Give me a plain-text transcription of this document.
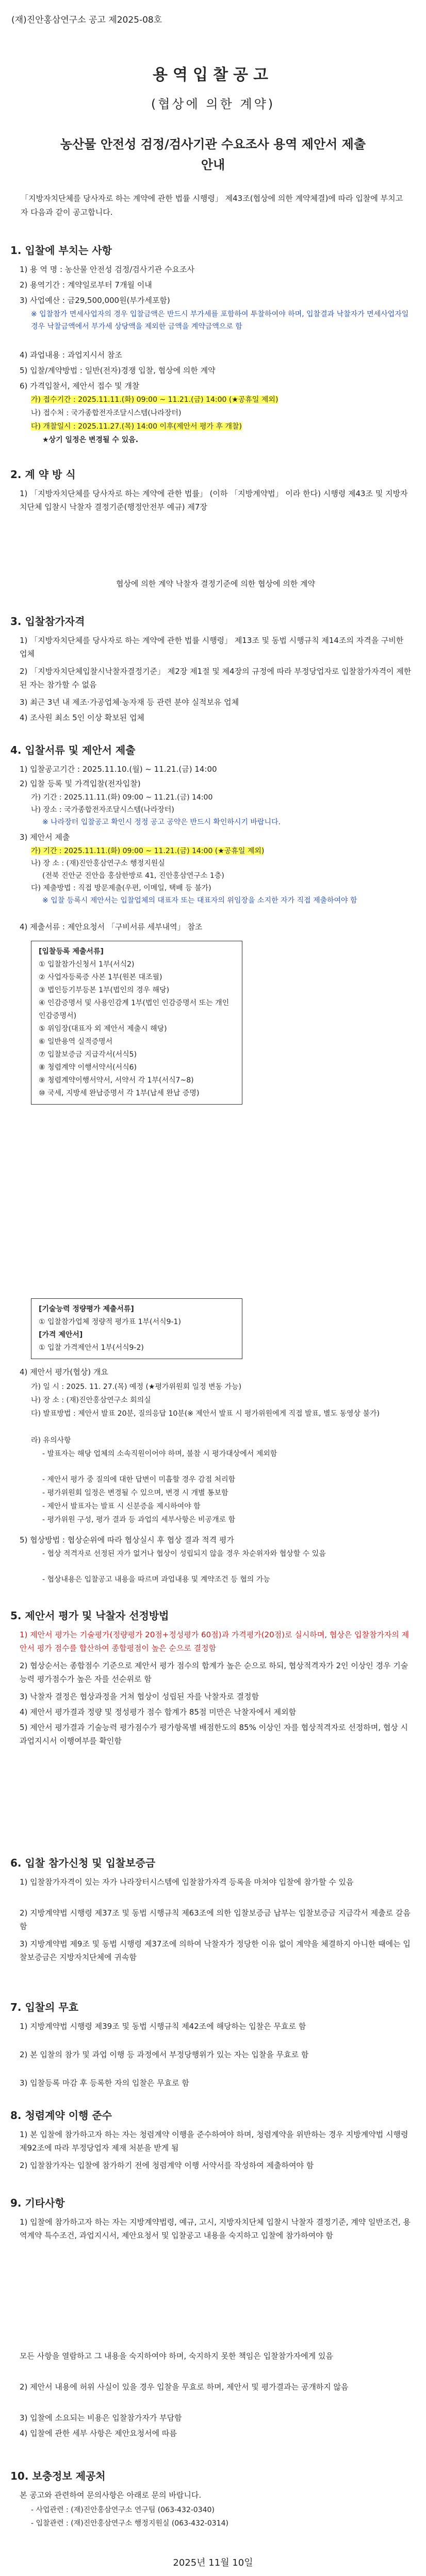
(재)진안홍삼연구소 공고 제2025-08호
용역입찰공고
(협상에 의한 계약)
농산물 안전성 검정/검사기관 수요조사 용역 제안서 제출
안내
「지방자치단체를 당사자로 하는 계약에 관한 법률 시행령」 제43조(협상에 의한 계약체결)에 따라 입찰에 부치고자 다음과 같이 공고합니다.
1. 입찰에 부치는 사항
1) 용 역 명 : 농산물 안전성 검정/검사기관 수요조사
2) 용역기간 : 계약일로부터 7개월 이내
3) 사업예산 : 금29,500,000원(부가세포함)
※ 입찰참가 면세사업자의 경우 입찰금액은 반드시 부가세를 포함하여 투찰하여야 하며, 입찰결과 낙찰자가 면세사업자일 경우 낙찰금액에서 부가세 상당액을 제외한 금액을 계약금액으로 함
4) 과업내용 : 과업지시서 참조
5) 입찰/계약방법 : 일반(전자)경쟁 입찰, 협상에 의한 계약
6) 가격입찰서, 제안서 접수 및 개찰
가) 접수기간 : 2025.11.11.(화) 09:00 ~ 11.21.(금) 14:00 (★공휴일 제외)
나) 접수처 : 국가종합전자조달시스템(나라장터)
다) 개찰일시 : 2025.11.27.(목) 14:00 이후(제안서 평가 후 개찰)
★상기 일정은 변경될 수 있음.
2. 계 약 방 식
1) 「지방자치단체를 당사자로 하는 계약에 관한 법률」 (이하 「지방계약법」 이라 한다) 시행령 제43조 및 지방자치단체 입찰시 낙찰자 결정기준(행정안전부 예규) 제7장
협상에 의한 계약 낙찰자 결정기준에 의한 협상에 의한 계약
3. 입찰참가자격
1) 「지방자치단체를 당사자로 하는 계약에 관한 법률 시행령」 제13조 및 동법 시행규칙 제14조의 자격을 구비한 업체
2) 「지방자치단체입찰시낙찰자결정기준」 제2장 제1절 및 제4장의 규정에 따라 부정당업자로 입찰참가자격이 제한된 자는 참가할 수 없음
3) 최근 3년 내 제조·가공업체·농자재 등 관련 분야 실적보유 업체
4) 조사원 최소 5인 이상 확보된 업체
4. 입찰서류 및 제안서 제출
1) 입찰공고기간 : 2025.11.10.(월) ~ 11.21.(금) 14:00
2) 입찰 등록 및 가격입찰(전자입찰)
가) 기간 : 2025.11.11.(화) 09:00 ~ 11.21.(금) 14:00
나) 장소 : 국가종합전자조달시스템(나라장터)
※ 나라장터 입찰공고 확인시 정정 공고 공약은 반드시 확인하시기 바랍니다.
3) 제안서 제출
가) 기간 : 2025.11.11.(화) 09:00 ~ 11.21.(금) 14:00 (★공휴일 제외)
나) 장 소 : (재)진안홍삼연구소 행정지원실
(전북 진안군 진안읍 홍삼한방로 41, 진안홍삼연구소 1층)
다) 제출방법 : 직접 방문제출(우편, 이메일, 택배 등 불가)
※ 입찰 등록시 제안서는 입찰업체의 대표자 또는 대표자의 위임장을 소지한 자가 직접 제출하여야 함
4) 제출서류 : 제안요청서 「구비서류 세부내역」 참조
[입찰등록 제출서류]
① 입찰참가신청서 1부(서식2)
② 사업자등록증 사본 1부(원본 대조필)
③ 법인등기부등본 1부(법인의 경우 해당)
④ 인감증명서 및 사용인감계 1부(법인 인감증명서 또는 개인인감증명서)
⑤ 위임장(대표자 외 제안서 제출시 해당)
⑥ 일반용역 실적증명서
⑦ 입찰보증금 지급각서(서식5)
⑧ 청렴계약 이행서약서(서식6)
⑨ 청렴계약이행서약서, 서약서 각 1부(서식7~8)
⑩ 국세, 지방세 완납증명서 각 1부(납세 완납 증명)
[기술능력 정량평가 제출서류]
① 입찰참가업체 정량적 평가표 1부(서식9-1)
[가격 제안서]
① 입찰 가격제안서 1부(서식9-2)
4) 제안서 평가(협상) 개요
가) 일 시 : 2025. 11. 27.(목) 예정 (★평가위원회 일정 변동 가능)
나) 장 소 : (재)진안홍삼연구소 회의실
다) 발표방법 : 제안서 발표 20분, 질의응답 10분(※ 제안서 발표 시 평가위원에게 직접 발표, 별도 동영상 불가)
라) 유의사항
- 발표자는 해당 업체의 소속직원이어야 하며, 불참 시 평가대상에서 제외함
- 제안서 평가 중 질의에 대한 답변이 미흡할 경우 감점 처리함
- 평가위원회 일정은 변경될 수 있으며, 변경 시 개별 통보함
- 제안서 발표자는 발표 시 신분증을 제시하여야 함
- 평가위원 구성, 평가 결과 등 과업의 세부사항은 비공개로 함
5) 협상방법 : 협상순위에 따라 협상실시 후 협상 결과 적격 평가
- 협상 적격자로 선정된 자가 없거나 협상이 성립되지 않을 경우 차순위자와 협상할 수 있음
- 협상내용은 입찰공고 내용을 따르며 과업내용 및 계약조건 등 협의 가능
5. 제안서 평가 및 낙찰자 선정방법
1) 제안서 평가는 기술평가(정량평가 20점+정성평가 60점)과 가격평가(20점)로 실시하며, 협상은 입찰참가자의 제안서 평가 점수를 합산하여 종합평점이 높은 순으로 결정함
2) 협상순서는 종합점수 기준으로 제안서 평가 점수의 합계가 높은 순으로 하되, 협상적격자가 2인 이상인 경우 기술능력 평가점수가 높은 자를 선순위로 함
3) 낙찰자 결정은 협상과정을 거쳐 협상이 성립된 자를 낙찰자로 결정함
4) 제안서 평가결과 정량 및 정성평가 점수 합계가 85점 미만은 낙찰자에서 제외함
5) 제안서 평가결과 기술능력 평가점수가 평가항목별 배점한도의 85% 이상인 자를 협상적격자로 선정하며, 협상 시 과업지시서 이행여부를 확인함
6. 입찰 참가신청 및 입찰보증금
1) 입찰참가자격이 있는 자가 나라장터시스템에 입찰참가자격 등록을 마쳐야 입찰에 참가할 수 있음
2) 지방계약법 시행령 제37조 및 동법 시행규칙 제63조에 의한 입찰보증금 납부는 입찰보증금 지급각서 제출로 갈음함
3) 지방계약법 제9조 및 동법 시행령 제37조에 의하여 낙찰자가 정당한 이유 없이 계약을 체결하지 아니한 때에는 입찰보증금은 지방자치단체에 귀속함
7. 입찰의 무효
1) 지방계약법 시행령 제39조 및 동법 시행규칙 제42조에 해당하는 입찰은 무효로 함
2) 본 입찰의 참가 및 과업 이행 등 과정에서 부정당행위가 있는 자는 입찰을 무효로 함
3) 입찰등록 마감 후 등록한 자의 입찰은 무효로 함
8. 청렴계약 이행 준수
1) 본 입찰에 참가하고자 하는 자는 청렴계약 이행을 준수하여야 하며, 청렴계약을 위반하는 경우 지방계약법 시행령 제92조에 따라 부정당업자 제재 처분을 받게 됨
2) 입찰참가자는 입찰에 참가하기 전에 청렴계약 이행 서약서를 작성하여 제출하여야 함
9. 기타사항
1) 입찰에 참가하고자 하는 자는 지방계약법령, 예규, 고시, 지방자치단체 입찰시 낙찰자 결정기준, 계약 일반조건, 용역계약 특수조건, 과업지시서, 제안요청서 및 입찰공고 내용을 숙지하고 입찰에 참가하여야 함
모든 사항을 열람하고 그 내용을 숙지하여야 하며, 숙지하지 못한 책임은 입찰참가자에게 있음
2) 제안서 내용에 허위 사실이 있을 경우 입찰을 무효로 하며, 제안서 및 평가결과는 공개하지 않음
3) 입찰에 소요되는 비용은 입찰참가자가 부담함
4) 입찰에 관한 세부 사항은 제안요청서에 따름
10. 보충정보 제공처
본 공고와 관련하여 문의사항은 아래로 문의 바랍니다.
- 사업관련 : (재)진안홍삼연구소 연구팀 (063-432-0340)
- 입찰관련 : (재)진안홍삼연구소 행정지원실 (063-432-0314)
2025년 11월 10일
